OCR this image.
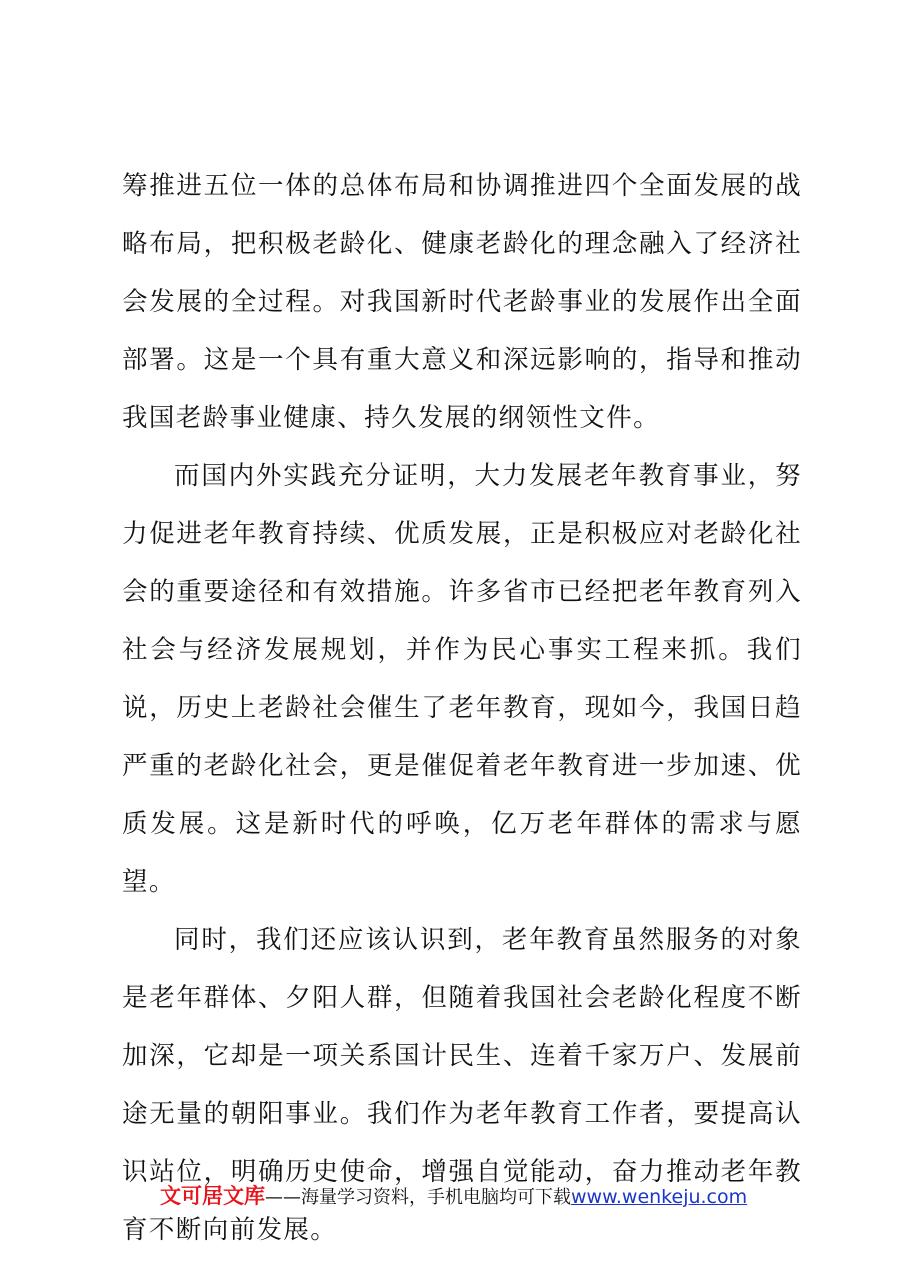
筹推进五位一体的总体布局和协调推进四个全面发展的战略布局，把积极老龄化、健康老龄化的理念融入了经济社会发展的全过程。对我国新时代老龄事业的发展作出全面部署。这是一个具有重大意义和深远影响的，指导和推动我国老龄事业健康、持久发展的纲领性文件。

而国内外实践充分证明，大力发展老年教育事业，努力促进老年教育持续、优质发展，正是积极应对老龄化社会的重要途径和有效措施。许多省市已经把老年教育列入社会与经济发展规划，并作为民心事实工程来抓。我们说，历史上老龄社会催生了老年教育，现如今，我国日趋严重的老龄化社会，更是催促着老年教育进一步加速、优质发展。这是新时代的呼唤，亿万老年群体的需求与愿望。

同时，我们还应该认识到，老年教育虽然服务的对象是老年群体、夕阳人群，但随着我国社会老龄化程度不断加深，它却是一项关系国计民生、连着千家万户、发展前途无量的朝阳事业。我们作为老年教育工作者，要提高认识站位，明确历史使命，增强自觉能动，奋力推动老年教育不断向前发展。

文可居文库——海量学习资料，手机电脑均可下载www.wenkeju.com
